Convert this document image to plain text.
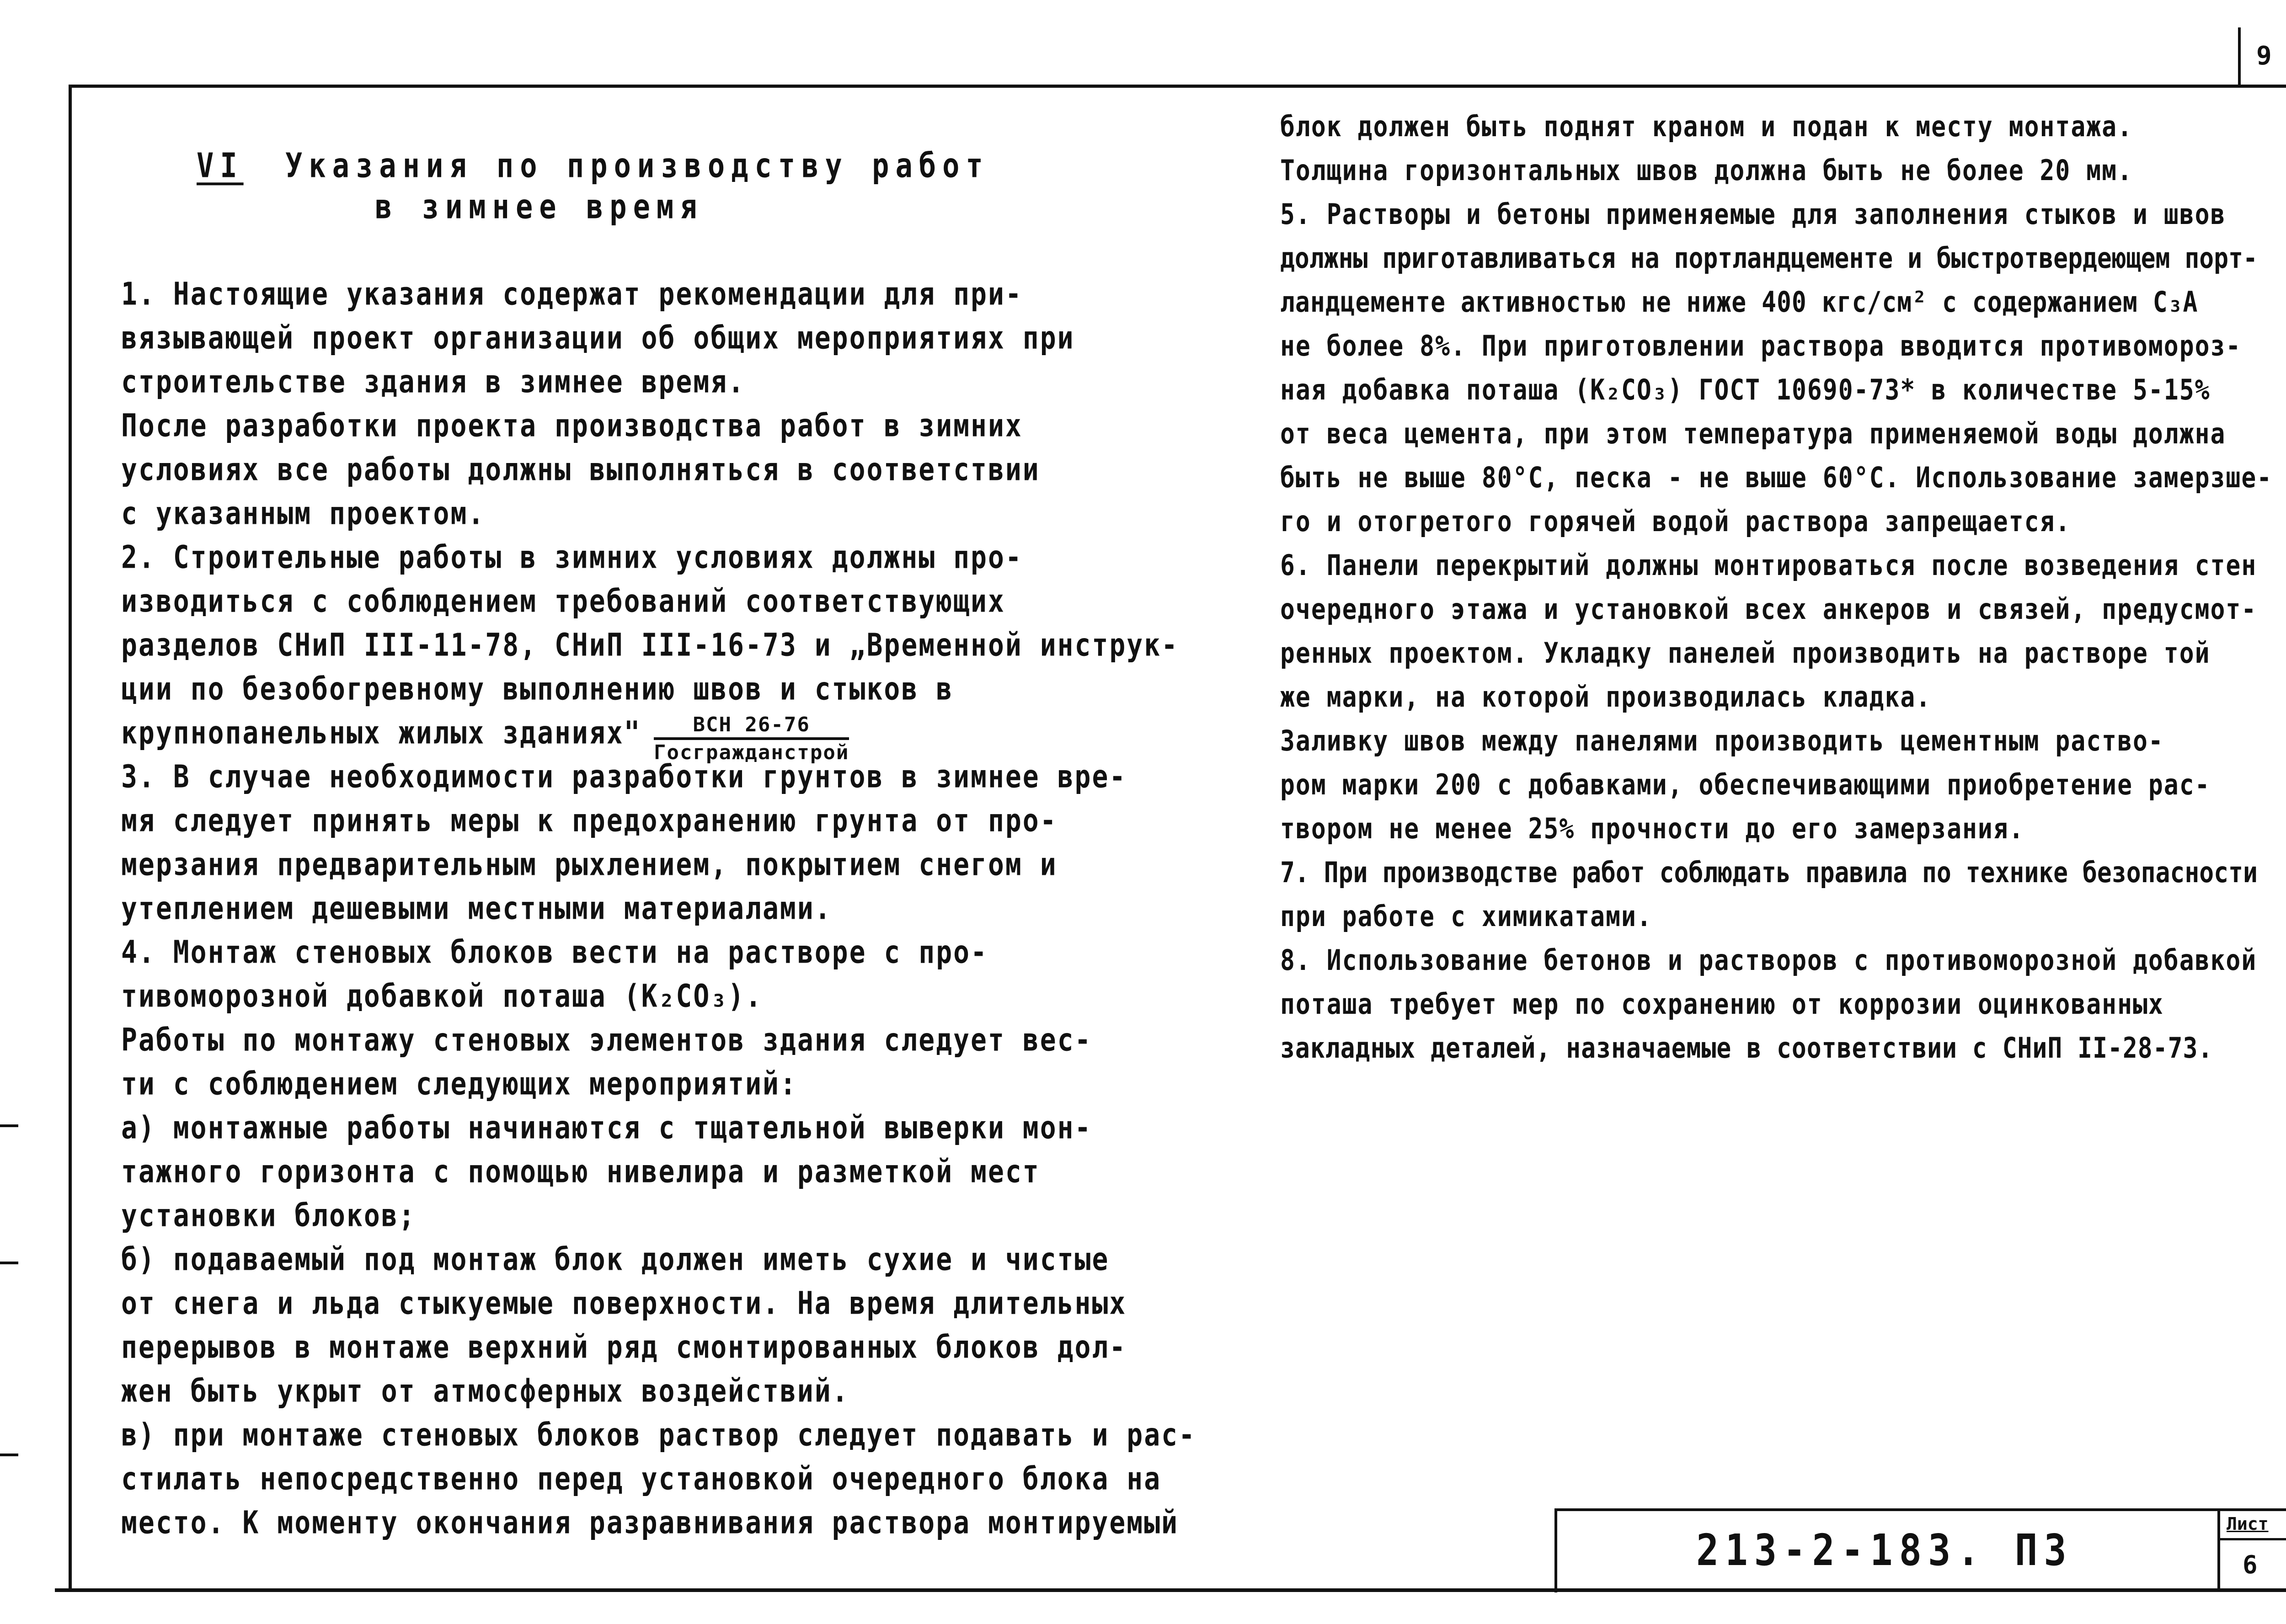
9
VI Указания по производству работ
в зимнее время
1. Настоящие указания содержат рекомендации для при-
вязывающей проект организации об общих мероприятиях при
строительстве здания в зимнее время.
После разработки проекта производства работ в зимних
условиях все работы должны выполняться в соответствии
с указанным проектом.
2. Строительные работы в зимних условиях должны про-
изводиться с соблюдением требований соответствующих
разделов СНиП III-11-78, СНиП III-16-73 и „Временной инструк-
ции по безобогревному выполнению швов и стыков в
крупнопанельных жилых зданиях"
3. В случае необходимости разработки грунтов в зимнее вре-
мя следует принять меры к предохранению грунта от про-
мерзания предварительным рыхлением, покрытием снегом и
утеплением дешевыми местными материалами.
4. Монтаж стеновых блоков вести на растворе с про-
тивоморозной добавкой поташа (K₂CO₃).
Работы по монтажу стеновых элементов здания следует вес-
ти с соблюдением следующих мероприятий:
а) монтажные работы начинаются с тщательной выверки мон-
тажного горизонта с помощью нивелира и разметкой мест
установки блоков;
б) подаваемый под монтаж блок должен иметь сухие и чистые
от снега и льда стыкуемые поверхности. На время длительных
перерывов в монтаже верхний ряд смонтированных блоков дол-
жен быть укрыт от атмосферных воздействий.
в) при монтаже стеновых блоков раствор следует подавать и рас-
стилать непосредственно перед установкой очередного блока на
место. К моменту окончания разравнивания раствора монтируемый
ВСН 26-76
Госгражданстрой
блок должен быть поднят краном и подан к месту монтажа.
Толщина горизонтальных швов должна быть не более 20 мм.
5. Растворы и бетоны применяемые для заполнения стыков и швов
должны приготавливаться на портландцементе и быстротвердеющем порт-
ландцементе активностью не ниже 400 кгс/см² с содержанием C₃A
не более 8%. При приготовлении раствора вводится противомороз-
ная добавка поташа (K₂CO₃) ГОСТ 10690-73* в количестве 5-15%
от веса цемента, при этом температура применяемой воды должна
быть не выше 80°С, песка - не выше 60°С. Использование замерзше-
го и отогретого горячей водой раствора запрещается.
6. Панели перекрытий должны монтироваться после возведения стен
очередного этажа и установкой всех анкеров и связей, предусмот-
ренных проектом. Укладку панелей производить на растворе той
же марки, на которой производилась кладка.
Заливку швов между панелями производить цементным раство-
ром марки 200 с добавками, обеспечивающими приобретение рас-
твором не менее 25% прочности до его замерзания.
7. При производстве работ соблюдать правила по технике безопасности
при работе с химикатами.
8. Использование бетонов и растворов с противоморозной добавкой
поташа требует мер по сохранению от коррозии оцинкованных
закладных деталей, назначаемые в соответствии с СНиП II-28-73.
213-2-183. ПЗ
Лист
6
